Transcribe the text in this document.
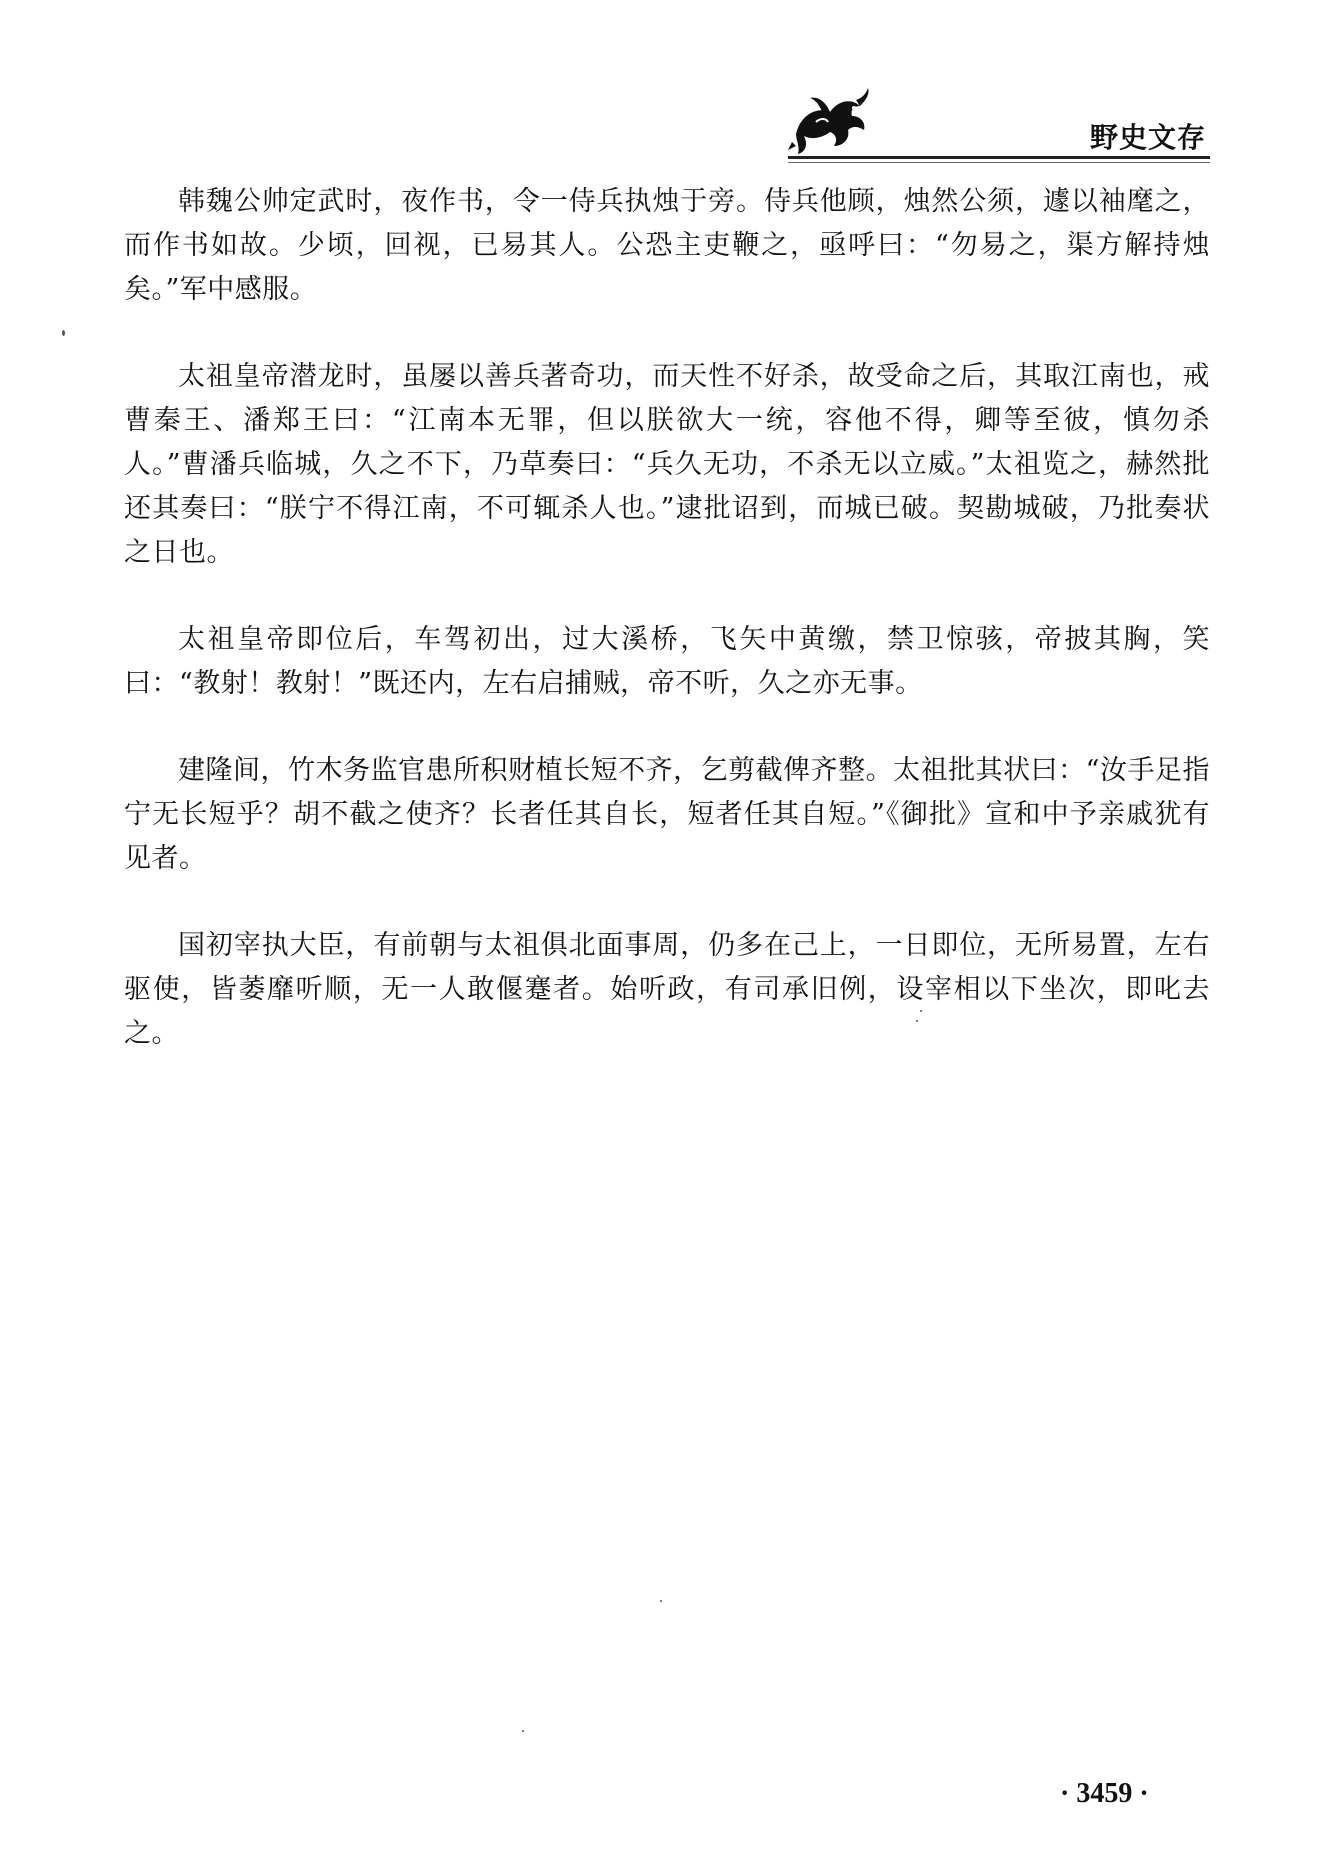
野史文存

韩魏公帅定武时，夜作书，令一侍兵执烛于旁。侍兵他顾，烛然公须，遽以袖麾之，而作书如故。少顷，回视，已易其人。公恐主吏鞭之，亟呼曰：“勿易之，渠方解持烛矣。”军中感服。

太祖皇帝潜龙时，虽屡以善兵著奇功，而天性不好杀，故受命之后，其取江南也，戒曹秦王、潘郑王曰：“江南本无罪，但以朕欲大一统，容他不得，卿等至彼，慎勿杀人。”曹潘兵临城，久之不下，乃草奏曰：“兵久无功，不杀无以立威。”太祖览之，赫然批还其奏曰：“朕宁不得江南，不可辄杀人也。”逮批诏到，而城已破。契勘城破，乃批奏状之日也。

太祖皇帝即位后，车驾初出，过大溪桥，飞矢中黄缴，禁卫惊骇，帝披其胸，笑曰：“教射！教射！”既还内，左右启捕贼，帝不听，久之亦无事。

建隆间，竹木务监官患所积财植长短不齐，乞剪截俾齐整。太祖批其状曰：“汝手足指宁无长短乎？胡不截之使齐？长者任其自长，短者任其自短。”《御批》宣和中予亲戚犹有见者。

国初宰执大臣，有前朝与太祖俱北面事周，仍多在己上，一日即位，无所易置，左右驱使，皆萎靡听顺，无一人敢偃蹇者。始听政，有司承旧例，设宰相以下坐次，即叱去之。

· 3459 ·
